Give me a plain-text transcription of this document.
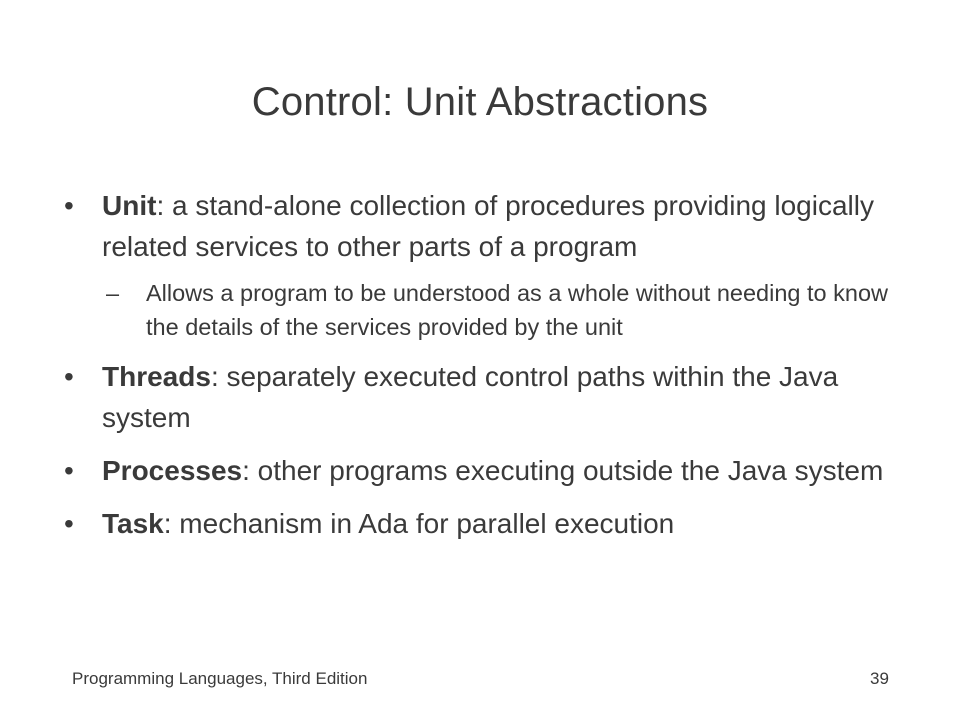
Control: Unit Abstractions
• Unit: a stand-alone collection of procedures providing logically related services to other parts of a program
– Allows a program to be understood as a whole without needing to know the details of the services provided by the unit
• Threads: separately executed control paths within the Java system
• Processes: other programs executing outside the Java system
• Task: mechanism in Ada for parallel execution
Programming Languages, Third Edition	39
